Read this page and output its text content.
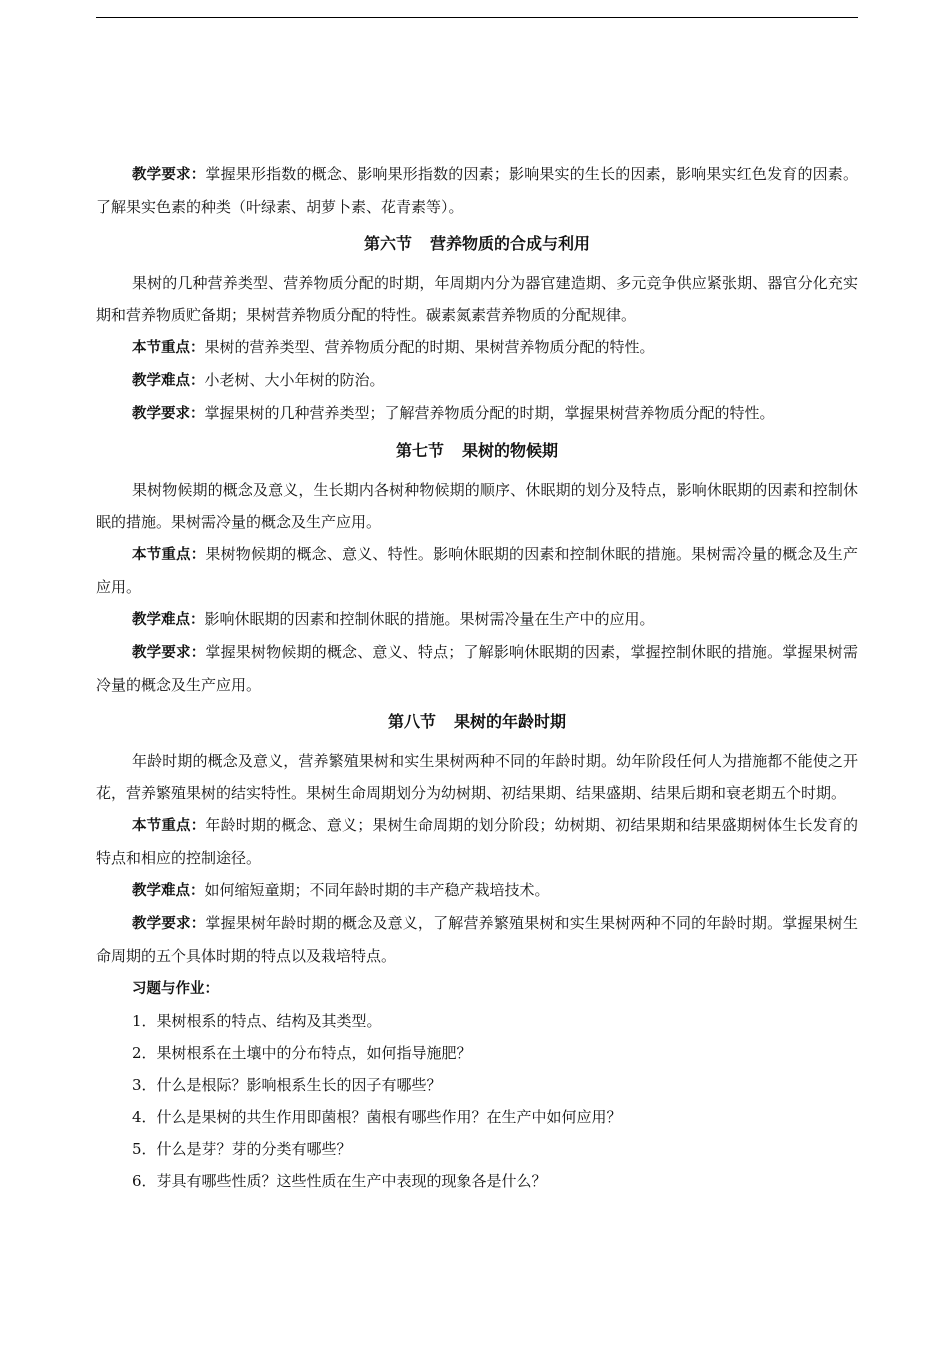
教学要求：掌握果形指数的概念、影响果形指数的因素；影响果实的生长的因素，影响果实红色发育的因素。了解果实色素的种类（叶绿素、胡萝卜素、花青素等）。

第六节 营养物质的合成与利用

果树的几种营养类型、营养物质分配的时期，年周期内分为器官建造期、多元竞争供应紧张期、器官分化充实期和营养物质贮备期；果树营养物质分配的特性。碳素氮素营养物质的分配规律。

本节重点：果树的营养类型、营养物质分配的时期、果树营养物质分配的特性。

教学难点：小老树、大小年树的防治。

教学要求：掌握果树的几种营养类型；了解营养物质分配的时期，掌握果树营养物质分配的特性。

第七节 果树的物候期

果树物候期的概念及意义，生长期内各树种物候期的顺序、休眠期的划分及特点，影响休眠期的因素和控制休眠的措施。果树需冷量的概念及生产应用。

本节重点：果树物候期的概念、意义、特性。影响休眠期的因素和控制休眠的措施。果树需冷量的概念及生产应用。

教学难点：影响休眠期的因素和控制休眠的措施。果树需冷量在生产中的应用。

教学要求：掌握果树物候期的概念、意义、特点；了解影响休眠期的因素，掌握控制休眠的措施。掌握果树需冷量的概念及生产应用。

第八节 果树的年龄时期

年龄时期的概念及意义，营养繁殖果树和实生果树两种不同的年龄时期。幼年阶段任何人为措施都不能使之开花，营养繁殖果树的结实特性。果树生命周期划分为幼树期、初结果期、结果盛期、结果后期和衰老期五个时期。

本节重点：年龄时期的概念、意义；果树生命周期的划分阶段；幼树期、初结果期和结果盛期树体生长发育的特点和相应的控制途径。

教学难点：如何缩短童期；不同年龄时期的丰产稳产栽培技术。

教学要求：掌握果树年龄时期的概念及意义，了解营养繁殖果树和实生果树两种不同的年龄时期。掌握果树生命周期的五个具体时期的特点以及栽培特点。

习题与作业：

1．果树根系的特点、结构及其类型。
2．果树根系在土壤中的分布特点，如何指导施肥？
3．什么是根际？影响根系生长的因子有哪些？
4．什么是果树的共生作用即菌根？菌根有哪些作用？在生产中如何应用？
5．什么是芽？芽的分类有哪些？
6．芽具有哪些性质？这些性质在生产中表现的现象各是什么？
